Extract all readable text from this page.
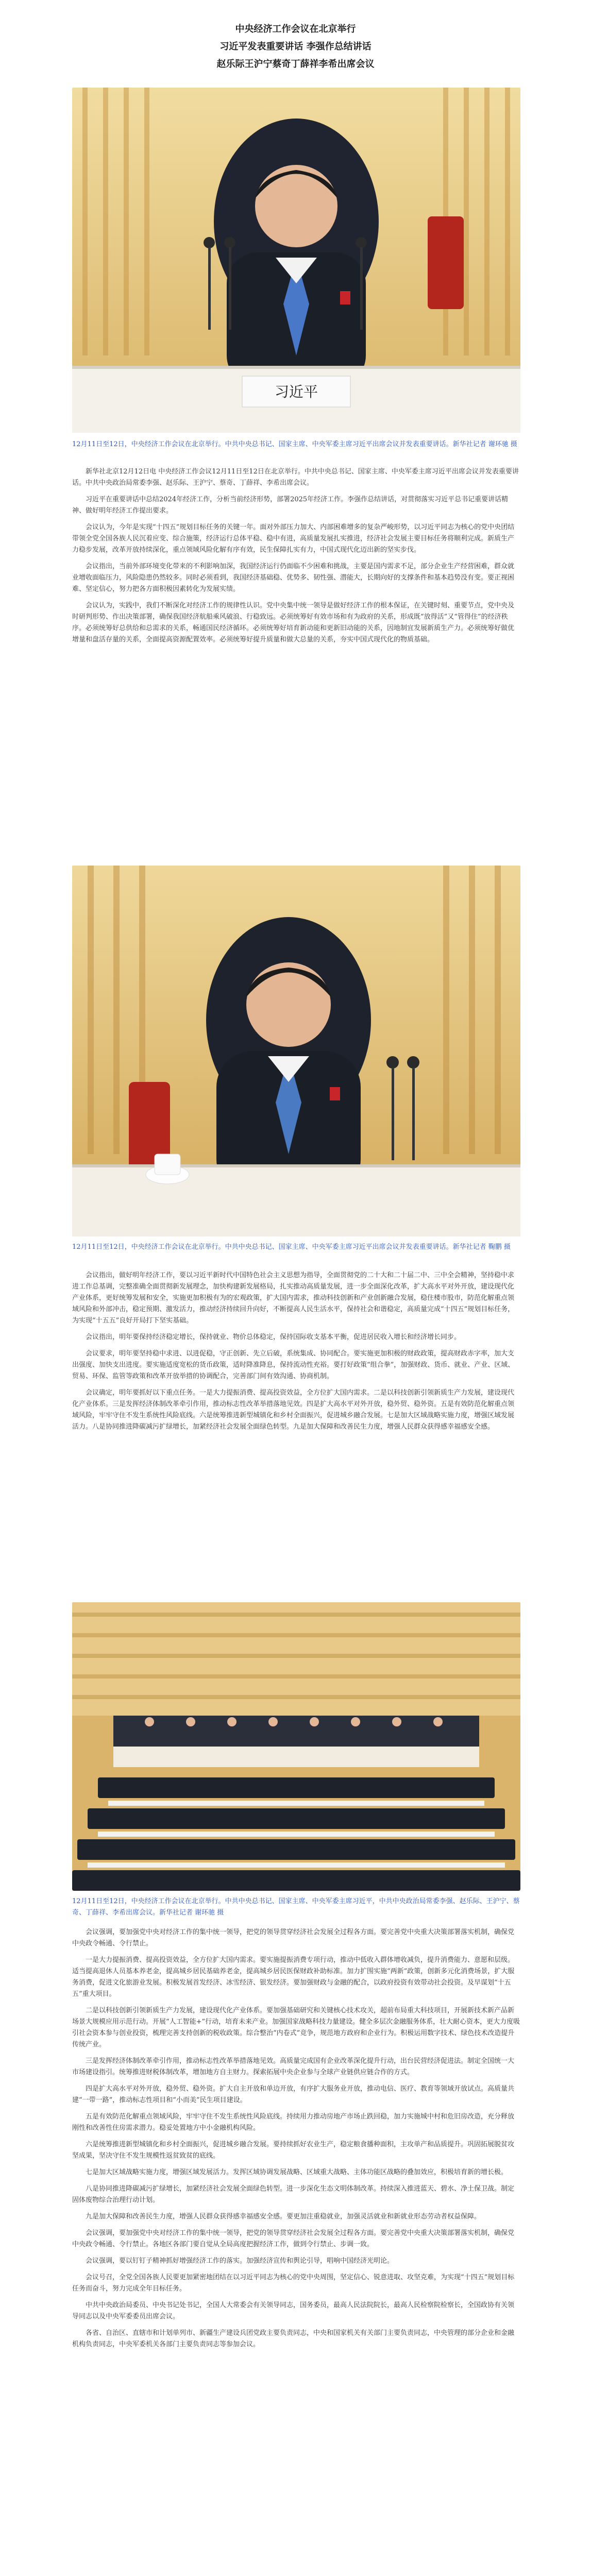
中央经济工作会议在北京举行

习近平发表重要讲话 李强作总结讲话

赵乐际王沪宁蔡奇丁薛祥李希出席会议

习近平
12月11日至12日，中央经济工作会议在北京举行。中共中央总书记、国家主席、中央军委主席习近平出席会议并发表重要讲话。新华社记者 谢环驰 摄

新华社北京12月12日电 中央经济工作会议12月11日至12日在北京举行。中共中央总书记、国家主席、中央军委主席习近平出席会议并发表重要讲话。中共中央政治局常委李强、赵乐际、王沪宁、蔡奇、丁薛祥、李希出席会议。

习近平在重要讲话中总结2024年经济工作，分析当前经济形势，部署2025年经济工作。李强作总结讲话，对贯彻落实习近平总书记重要讲话精神、做好明年经济工作提出要求。

会议认为，今年是实现“十四五”规划目标任务的关键一年。面对外部压力加大、内部困难增多的复杂严峻形势，以习近平同志为核心的党中央团结带领全党全国各族人民沉着应变、综合施策，经济运行总体平稳、稳中有进，高质量发展扎实推进，经济社会发展主要目标任务将顺利完成。新质生产力稳步发展，改革开放持续深化，重点领域风险化解有序有效，民生保障扎实有力，中国式现代化迈出新的坚实步伐。

会议指出，当前外部环境变化带来的不利影响加深，我国经济运行仍面临不少困难和挑战，主要是国内需求不足，部分企业生产经营困难，群众就业增收面临压力，风险隐患仍然较多。同时必须看到，我国经济基础稳、优势多、韧性强、潜能大，长期向好的支撑条件和基本趋势没有变。要正视困难、坚定信心，努力把各方面积极因素转化为发展实绩。

会议认为，实践中，我们不断深化对经济工作的规律性认识。党中央集中统一领导是做好经济工作的根本保证，在关键时刻、重要节点，党中央及时研判形势、作出决策部署，确保我国经济航船乘风破浪、行稳致远。必须统筹好有效市场和有为政府的关系，形成既“放得活”又“管得住”的经济秩序。必须统筹好总供给和总需求的关系，畅通国民经济循环。必须统筹好培育新动能和更新旧动能的关系，因地制宜发展新质生产力。必须统筹好做优增量和盘活存量的关系，全面提高资源配置效率。必须统筹好提升质量和做大总量的关系，夯实中国式现代化的物质基础。

12月11日至12日，中央经济工作会议在北京举行。中共中央总书记、国家主席、中央军委主席习近平出席会议并发表重要讲话。新华社记者 鞠鹏 摄

会议指出，做好明年经济工作，要以习近平新时代中国特色社会主义思想为指导，全面贯彻党的二十大和二十届二中、三中全会精神，坚持稳中求进工作总基调，完整准确全面贯彻新发展理念，加快构建新发展格局，扎实推动高质量发展，进一步全面深化改革，扩大高水平对外开放，建设现代化产业体系，更好统筹发展和安全，实施更加积极有为的宏观政策，扩大国内需求，推动科技创新和产业创新融合发展，稳住楼市股市，防范化解重点领域风险和外部冲击，稳定预期、激发活力，推动经济持续回升向好，不断提高人民生活水平，保持社会和谐稳定，高质量完成“十四五”规划目标任务，为实现“十五五”良好开局打下坚实基础。

会议指出，明年要保持经济稳定增长，保持就业、物价总体稳定，保持国际收支基本平衡，促进居民收入增长和经济增长同步。

会议要求，明年要坚持稳中求进、以进促稳，守正创新、先立后破，系统集成、协同配合。要实施更加积极的财政政策，提高财政赤字率，加大支出强度、加快支出进度。要实施适度宽松的货币政策，适时降准降息，保持流动性充裕。要打好政策“组合拳”，加强财政、货币、就业、产业、区域、贸易、环保、监管等政策和改革开放举措的协调配合，完善部门间有效沟通、协商机制。

会议确定，明年要抓好以下重点任务。一是大力提振消费、提高投资效益，全方位扩大国内需求。二是以科技创新引领新质生产力发展，建设现代化产业体系。三是发挥经济体制改革牵引作用，推动标志性改革举措落地见效。四是扩大高水平对外开放，稳外贸、稳外资。五是有效防范化解重点领域风险，牢牢守住不发生系统性风险底线。六是统筹推进新型城镇化和乡村全面振兴，促进城乡融合发展。七是加大区域战略实施力度，增强区域发展活力。八是协同推进降碳减污扩绿增长，加紧经济社会发展全面绿色转型。九是加大保障和改善民生力度，增强人民群众获得感幸福感安全感。

12月11日至12日，中央经济工作会议在北京举行。中共中央总书记、国家主席、中央军委主席习近平，中共中央政治局常委李强、赵乐际、王沪宁、蔡奇、丁薛祥、李希出席会议。新华社记者 谢环驰 摄

会议强调，要加强党中央对经济工作的集中统一领导，把党的领导贯穿经济社会发展全过程各方面。要完善党中央重大决策部署落实机制，确保党中央政令畅通、令行禁止。

一是大力提振消费、提高投资效益，全方位扩大国内需求。要实施提振消费专项行动，推动中低收入群体增收减负，提升消费能力、意愿和层级。适当提高退休人员基本养老金，提高城乡居民基础养老金，提高城乡居民医保财政补助标准。加力扩围实施“两新”政策，创新多元化消费场景，扩大服务消费，促进文化旅游业发展。积极发展首发经济、冰雪经济、银发经济。要加强财政与金融的配合，以政府投资有效带动社会投资。及早谋划“十五五”重大项目。

二是以科技创新引领新质生产力发展，建设现代化产业体系。要加强基础研究和关键核心技术攻关，超前布局重大科技项目，开展新技术新产品新场景大规模应用示范行动。开展“人工智能+”行动，培育未来产业。加强国家战略科技力量建设。健全多层次金融服务体系，壮大耐心资本，更大力度吸引社会资本参与创业投资，梳理完善支持创新的税收政策。综合整治“内卷式”竞争，规范地方政府和企业行为。积极运用数字技术、绿色技术改造提升传统产业。

三是发挥经济体制改革牵引作用，推动标志性改革举措落地见效。高质量完成国有企业改革深化提升行动，出台民营经济促进法。制定全国统一大市场建设指引。统筹推进财税体制改革，增加地方自主财力。探索拓展中央企业参与全球产业链供应链合作的方式。

四是扩大高水平对外开放，稳外贸、稳外资。扩大自主开放和单边开放，有序扩大服务业开放，推动电信、医疗、教育等领域开放试点。高质量共建“一带一路”，推动标志性项目和“小而美”民生项目建设。

五是有效防范化解重点领域风险，牢牢守住不发生系统性风险底线。持续用力推动房地产市场止跌回稳，加力实施城中村和危旧房改造，充分释放刚性和改善性住房需求潜力。稳妥处置地方中小金融机构风险。

六是统筹推进新型城镇化和乡村全面振兴，促进城乡融合发展。要持续抓好农业生产，稳定粮食播种面积，主攻单产和品质提升。巩固拓展脱贫攻坚成果，坚决守住不发生规模性返贫致贫的底线。

七是加大区域战略实施力度，增强区域发展活力。发挥区域协调发展战略、区域重大战略、主体功能区战略的叠加效应，积极培育新的增长极。

八是协同推进降碳减污扩绿增长，加紧经济社会发展全面绿色转型。进一步深化生态文明体制改革。持续深入推进蓝天、碧水、净土保卫战。制定固体废物综合治理行动计划。

九是加大保障和改善民生力度，增强人民群众获得感幸福感安全感。要更加注重稳就业，加强灵活就业和新就业形态劳动者权益保障。

会议强调，要加强党中央对经济工作的集中统一领导，把党的领导贯穿经济社会发展全过程各方面。要完善党中央重大决策部署落实机制，确保党中央政令畅通、令行禁止。各地区各部门要自觉从全局高度把握经济工作，做到令行禁止、步调一致。

会议强调，要以钉钉子精神抓好增强经济工作的落实。加强经济宣传和舆论引导，唱响中国经济光明论。

会议号召，全党全国各族人民要更加紧密地团结在以习近平同志为核心的党中央周围，坚定信心、锐意进取、攻坚克难，为实现“十四五”规划目标任务而奋斗，努力完成全年目标任务。

中共中央政治局委员、中央书记处书记，全国人大常委会有关领导同志，国务委员，最高人民法院院长，最高人民检察院检察长，全国政协有关领导同志以及中央军委委员出席会议。

各省、自治区、直辖市和计划单列市、新疆生产建设兵团党政主要负责同志，中央和国家机关有关部门主要负责同志，中央管理的部分企业和金融机构负责同志，中央军委机关各部门主要负责同志等参加会议。
